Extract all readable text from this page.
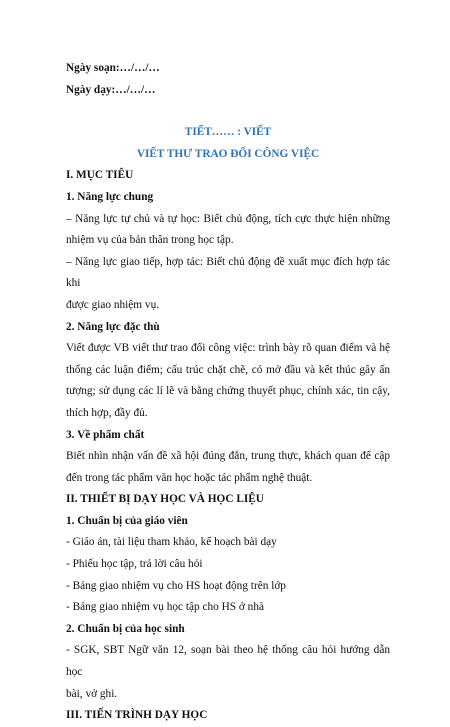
Ngày soạn:…/…/…
Ngày dạy:…/…/…
TIẾT…… : VIẾT
VIẾT THƯ TRAO ĐỔI CÔNG VIỆC
I. MỤC TIÊU
1. Năng lực chung
– Năng lực tự chủ và tự học: Biết chủ động, tích cực thực hiện những
nhiệm vụ của bản thân trong học tập.
– Năng lực giao tiếp, hợp tác: Biết chủ động đề xuất mục đích hợp tác khi
được giao nhiệm vụ.
2. Năng lực đặc thù
Viết được VB viết thư trao đổi công việc: trình bày rõ quan điểm và hệ
thống các luận điểm; cấu trúc chặt chẽ, có mở đầu và kết thúc gây ấn
tượng; sử dụng các lí lẽ và bằng chứng thuyết phục, chính xác, tin cậy,
thích hợp, đầy đủ.
3. Về phẩm chất
Biết nhìn nhận vấn đề xã hội đúng đắn, trung thực, khách quan để cập
đến trong tác phẩm văn học hoặc tác phẩm nghệ thuật.
II. THIẾT BỊ DẠY HỌC VÀ HỌC LIỆU
1. Chuẩn bị của giáo viên
- Giáo án, tài liệu tham khảo, kế hoạch bài dạy
- Phiếu học tập, trả lời câu hỏi
- Bảng giao nhiệm vụ cho HS hoạt động trên lớp
- Bảng giao nhiệm vụ học tập cho HS ở nhà
2. Chuẩn bị của học sinh
- SGK, SBT Ngữ văn 12, soạn bài theo hệ thống câu hỏi hướng dẫn học
bài, vở ghi.
III. TIẾN TRÌNH DẠY HỌC
